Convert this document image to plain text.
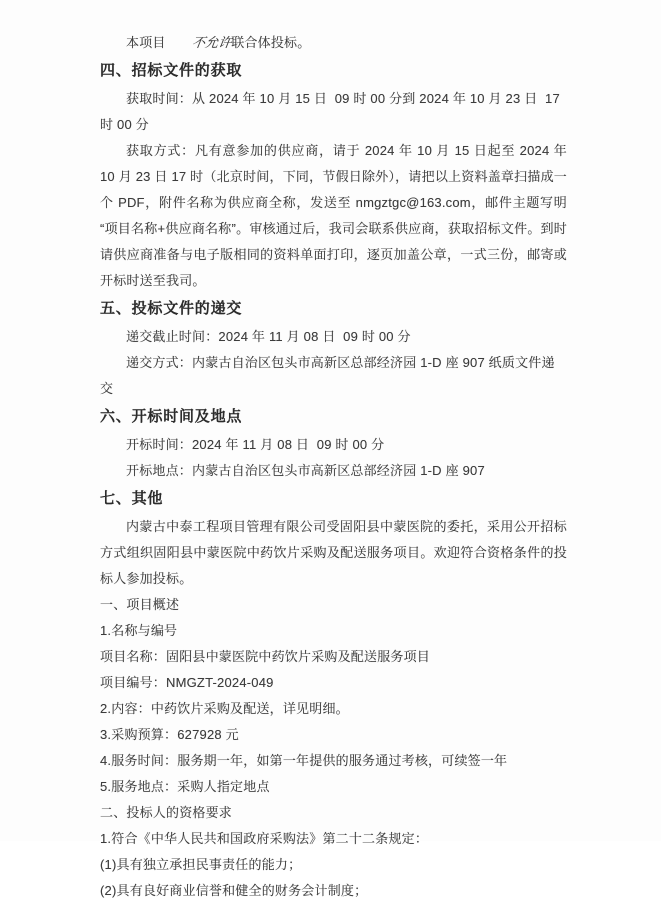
本项目 不允许联合体投标。

四、招标文件的获取

获取时间：从 2024 年 10 月 15 日  09 时 00 分到 2024 年 10 月 23 日  17 时 00 分

获取方式：凡有意参加的供应商，请于 2024 年 10 月 15 日起至 2024 年 10 月 23 日 17 时（北京时间，下同，节假日除外），请把以上资料盖章扫描成一个 PDF，附件名称为供应商全称，发送至 nmgztgc@163.com，邮件主题写明“项目名称+供应商名称”。审核通过后，我司会联系供应商，获取招标文件。到时请供应商准备与电子版相同的资料单面打印，逐页加盖公章，一式三份，邮寄或开标时送至我司。

五、投标文件的递交

递交截止时间：2024 年 11 月 08 日  09 时 00 分

递交方式：内蒙古自治区包头市高新区总部经济园 1-D 座 907 纸质文件递交

六、开标时间及地点

开标时间：2024 年 11 月 08 日  09 时 00 分

开标地点：内蒙古自治区包头市高新区总部经济园 1-D 座 907

七、其他

内蒙古中泰工程项目管理有限公司受固阳县中蒙医院的委托，采用公开招标方式组织固阳县中蒙医院中药饮片采购及配送服务项目。欢迎符合资格条件的投标人参加投标。

一、项目概述

1.名称与编号

项目名称：固阳县中蒙医院中药饮片采购及配送服务项目

项目编号：NMGZT-2024-049

2.内容：中药饮片采购及配送，详见明细。

3.采购预算：627928 元

4.服务时间：服务期一年，如第一年提供的服务通过考核，可续签一年

5.服务地点：采购人指定地点

二、投标人的资格要求

1.符合《中华人民共和国政府采购法》第二十二条规定：

(1)具有独立承担民事责任的能力；

(2)具有良好商业信誉和健全的财务会计制度；
